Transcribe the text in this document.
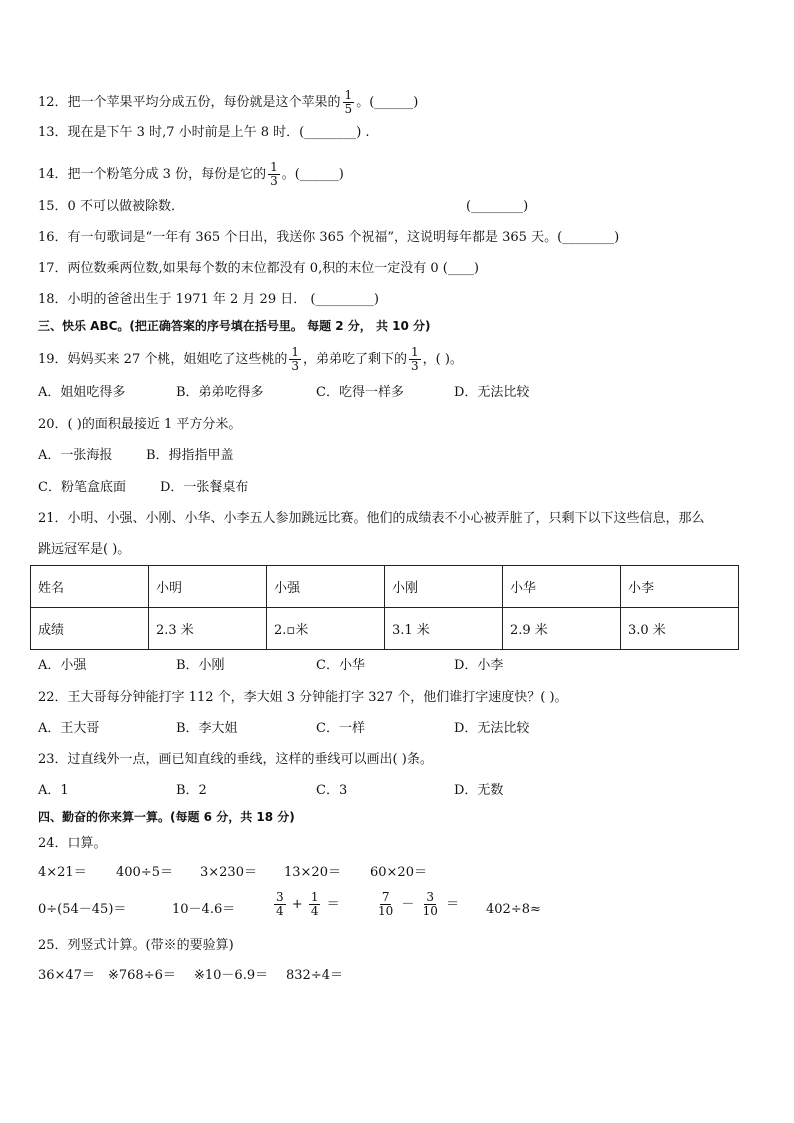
12．把一个苹果平均分成五份，每份就是这个苹果的 $\frac{1}{5}$ 。(______)
13．现在是下午 3 时,7 小时前是上午 8 时．(________) .
14．把一个粉笔分成 3 份，每份是它的 $\frac{1}{3}$ 。(______)
15．0 不可以做被除数．	(________)
16．有一句歌词是“一年有 365 个日出，我送你 365 个祝福”，这说明每年都是 365 天。(________)
17．两位数乘两位数,如果每个数的末位都没有 0,积的末位一定没有 0 (____)
18．小明的爸爸出生于 1971 年 2 月 29 日． (_________)
三、快乐 ABC。(把正确答案的序号填在括号里。 每题 2 分， 共 10 分)
19．妈妈买来 27 个桃，姐姐吃了这些桃的 $\frac{1}{3}$ ，弟弟吃了剩下的 $\frac{1}{3}$ ，( )。
A．姐姐吃得多	B．弟弟吃得多	C．吃得一样多	D．无法比较
20．( )的面积最接近 1 平方分米。
A．一张海报	B．拇指指甲盖
C．粉笔盒底面	D．一张餐桌布
21．小明、小强、小刚、小华、小李五人参加跳远比赛。他们的成绩表不小心被弄脏了，只剩下以下这些信息，那么
跳远冠军是( )。
姓名	小明	小强	小刚	小华	小李
成绩	2.3 米	2.▫米	3.1 米	2.9 米	3.0 米
A．小强	B．小刚	C．小华	D．小李
22．王大哥每分钟能打字 112 个，李大姐 3 分钟能打字 327 个，他们谁打字速度快？( )。
A．王大哥	B．李大姐	C．一样	D．无法比较
23．过直线外一点，画已知直线的垂线，这样的垂线可以画出( )条。
A．1	B．2	C．3	D．无数
四、勤奋的你来算一算。(每题 6 分，共 18 分)
24．口算。
4×21＝ 400÷5＝ 3×230＝ 13×20＝ 60×20＝
0÷(54－45)＝	10－4.6＝	$\frac{3}{4} + \frac{1}{4}$ ＝	$\frac{7}{10} - \frac{3}{10} = 402\div 8\approx$
25．列竖式计算。(带※的要验算)
36×47＝ ※768÷6＝ ※10－6.9＝ 832÷4＝
